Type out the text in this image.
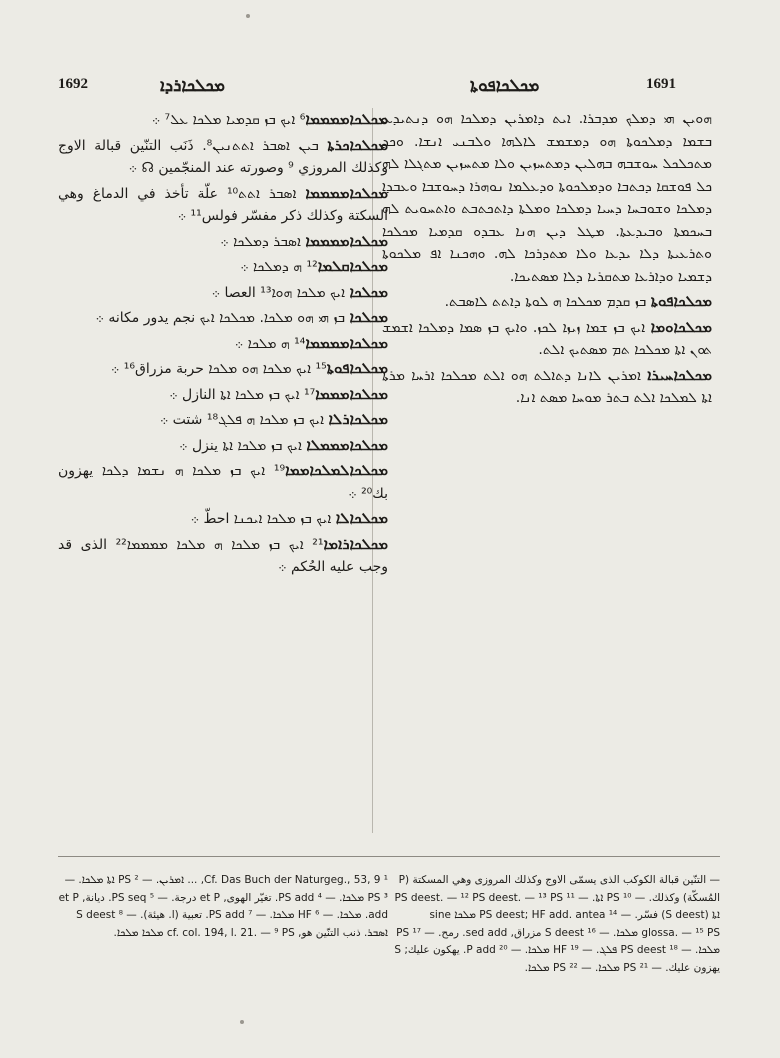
1692	ܡܟܠܟܐܪܕܐ	ܡܟܠܟܐܦܘܬܐ	1691

ܗܘܝܢ ܗܝ ܕܡܠܟ ܡܕܒܪܐ. ܐܝܬ ܕܐܡܪܝܢ ܕܡܠܟܐ ܗܘ ܕܢܬܝܕܥ ܒܫܡܐ ܕܡܠܟܘܬܐ ܗܘ ܕܡܫܡܫ ܠܐܠܗܐ ܘܠܒܢܝ ܐܢܫܐ. ܘܟܕ ܡܬܟܠܟܠ ܚܘܫܒܗ ܒܗܠܝܢ ܕܡܬܚܙܝܢ ܘܠܐ ܡܬܚܙܝܢ ܡܬܓܠܐ ܠܗ ܟܠ ܦܘܫܩܐ ܕܟܬܒܐ ܘܕܡܠܟܘܬܐ ܘܕܥܠܡܐ ܢܘܗܪܐ ܕܚܘܫܒܐ ܘܥܒܕܐ ܕܡܠܟܐ ܘܫܘܒܚܐ ܕܚܝܐ ܕܡܠܟܐ ܘܡܠܬܐ ܕܐܬܟܬܒܬ ܘܐܬܚܘܝܬ ܠܗ ܒܚܟܡܬܐ ܘܒܝܕܥܬܐ. ܡܛܠ ܕܝܢ ܗܢܐ ܥܒܕܘ ܩܕܡܝܐ ܡܟܠܟܐ ܘܬܪܥܝܬܐ ܕܠܐ ܝܕܥܐ ܘܠܐ ܡܬܕܪܟܐ ܠܗ. ܘܗܟܢܐ ܐܦ ܡܠܟܘܬܐ ܕܫܡܝܐ ܘܕܐܪܥܐ ܡܬܩܪܝܐ ܕܠܐ ܡܣܬܝܟܐ.

ܡܟܠܟܐܦܘܬܐ ܒܙ ܩܕܡ ܡܟܠܟܐ ܗ ܠܘܬܐ ܕܐܬܬ ܠܐܣܒܬ.

ܡܟܠܟܐܘܡܐ ܐܝܟ ܒܙ ܫܡܐ ܙܝܙܐ ܠܟܙ. ܘܐܝܟ ܒܙ ܣܡܐ ܕܡܠܟܐ ܐܫܡܫ ܬܘܢ ܐܬܐ ܡܟܠܟܐ ܬܡ ܡܣܬܝܟ ܐܠܬ.

ܡܟܠܟܐܚܝܪܐ ܐܡܪܝܢ ܠܐܢܐ ܕܬܐܠܬ ܗܘ ܐܠܬ ܡܟܠܟܐ ܐܪܚܐ ܡܪܬܐ ܐܬܐ ܠܡܠܟܐ ܐܠܬ ܒܬܪ ܡܘܚܐ ܡܣܬ ܐܢܐ.

ܡܟܠܟܐܡܡܡܡܐ⁶ ܐܝܟ ܒܙ ܩܕܡܝܐ ܡܠܟܐ ܥܠ⁷ ܀

ܡܟܠܟܐܟܪܬܐ ܒܝܢ ܐܣܒܪ ܐܬܬܢܝܢ⁸. ذَنَب التنّين قبالة الاوج وكذلك المروزي ⁹ وصورته عند المنجّمين ☊ ܀

ܡܟܠܟܐܡܡܡܡܐ ܐܣܒܪ ܐܬܬ¹⁰ علّة تأخذ في الدماغ وهي السكتة وكذلك ذكر مفسّر فولس¹¹ ܀

ܡܟܠܟܐܡܡܡܡܐ ܐܣܒܪ ܕܡܠܟܐ ܀

ܡܟܠܟܐܩܠܡܐ¹² ܗ ܕܡܠܟܐ ܀

ܡܟܠܟܐ ܐܝܟ ܡܠܟܐ ܗܘܐ¹³ العصا ܀

ܡܟܠܟܐ ܒܙ ܗܝ ܗܘ ܡܠܟܐ. ܡܟܠܟܐ ܐܝܟ نجم يدور مكانه ܀

ܡܟܠܟܐܡܡܡܡܐ¹⁴ ܗ ܡܠܟܐ ܀

ܡܟܠܟܐܦܘܬܐ¹⁵ ܐܝܟ ܡܠܟܐ ܗܘ ܡܠܟܐ حربة مزراق¹⁶ ܀

ܡܟܠܟܐܡܡܡܐ¹⁷ ܐܝܟ ܒܙ ܡܠܟܐ ܐܬܐ النازل ܀

ܡܟܠܟܐܪܠܐ ܐܝܟ ܒܙ ܡܠܟܐ ܗ ܦܠܓ¹⁸ شتت ܀

ܡܟܠܟܐܡܡܡܠܐ ܐܝܟ ܒܙ ܡܠܟܐ ܐܬܐ ينزل ܀

ܡܟܠܟܐܠܡܠܟܐܡܡܐ¹⁹ ܐܝܟ ܒܙ ܡܠܟܐ ܗ ܢܫܡܐ ܕܠܟܐ يهزون بك²⁰ ܀

ܡܟܠܟܐܠܐ ܐܝܟ ܒܙ ܡܠܟܐ ܐܝܟܢܐ احطّ ܀

ܡܟܠܟܐܪܐܡܐ²¹ ܐܝܟ ܒܙ ܡܠܟܐ ܗ ܡܠܟܐ ܡܡܡܡܐ²² الذى قد وجب عليه الحُكم ܀

¹ Cf. Das Buch der Naturgeg., 53, 9, ... ܐܡܪܝܢ. — ² PS ܐܬܐ ܡܠܟܐ. — ³ PS ܡܠܟܐ. — ⁴ PS add. تغيّر الهوى, et P درجة. — ⁵ PS seq. ديانة, et P add. ܡܠܟܐ. — ⁶ HF ܡܠܟܐ. — ⁷ PS add. تعبية (l. هيئة). — ⁸ S deest ܐܣܒܪ. ذنب التنّين هو, cf. col. 194, l. 21. — ⁹ PS ܡܠܟܐ ܡܠܟܐ.

— التنّين قبالة الكوكب الذى يسمّى الاوج وكذلك المروزى وهي المسكتة (P المُسكّة) وكذلك. — ¹⁰ PS ܐܬܐ. — ¹¹ PS deest. — ¹² PS deest. — ¹³ PS ܐܬܐ (S deest) فسّر. — ¹⁴ PS deest; HF add. antea ܡܠܟܐ sine glossa. — ¹⁵ PS ܡܠܟܐ. — ¹⁶ S deest مزراق, sed add. رمح. — ¹⁷ PS ܡܠܟܐ. — ¹⁸ PS deest ܦܠܓ. — ¹⁹ HF ܡܠܟܐ. — ²⁰ P add. يهكون عليك; S يهزون عليك. — ²¹ PS ܡܠܟܐ. — ²² PS ܡܠܟܐ.
